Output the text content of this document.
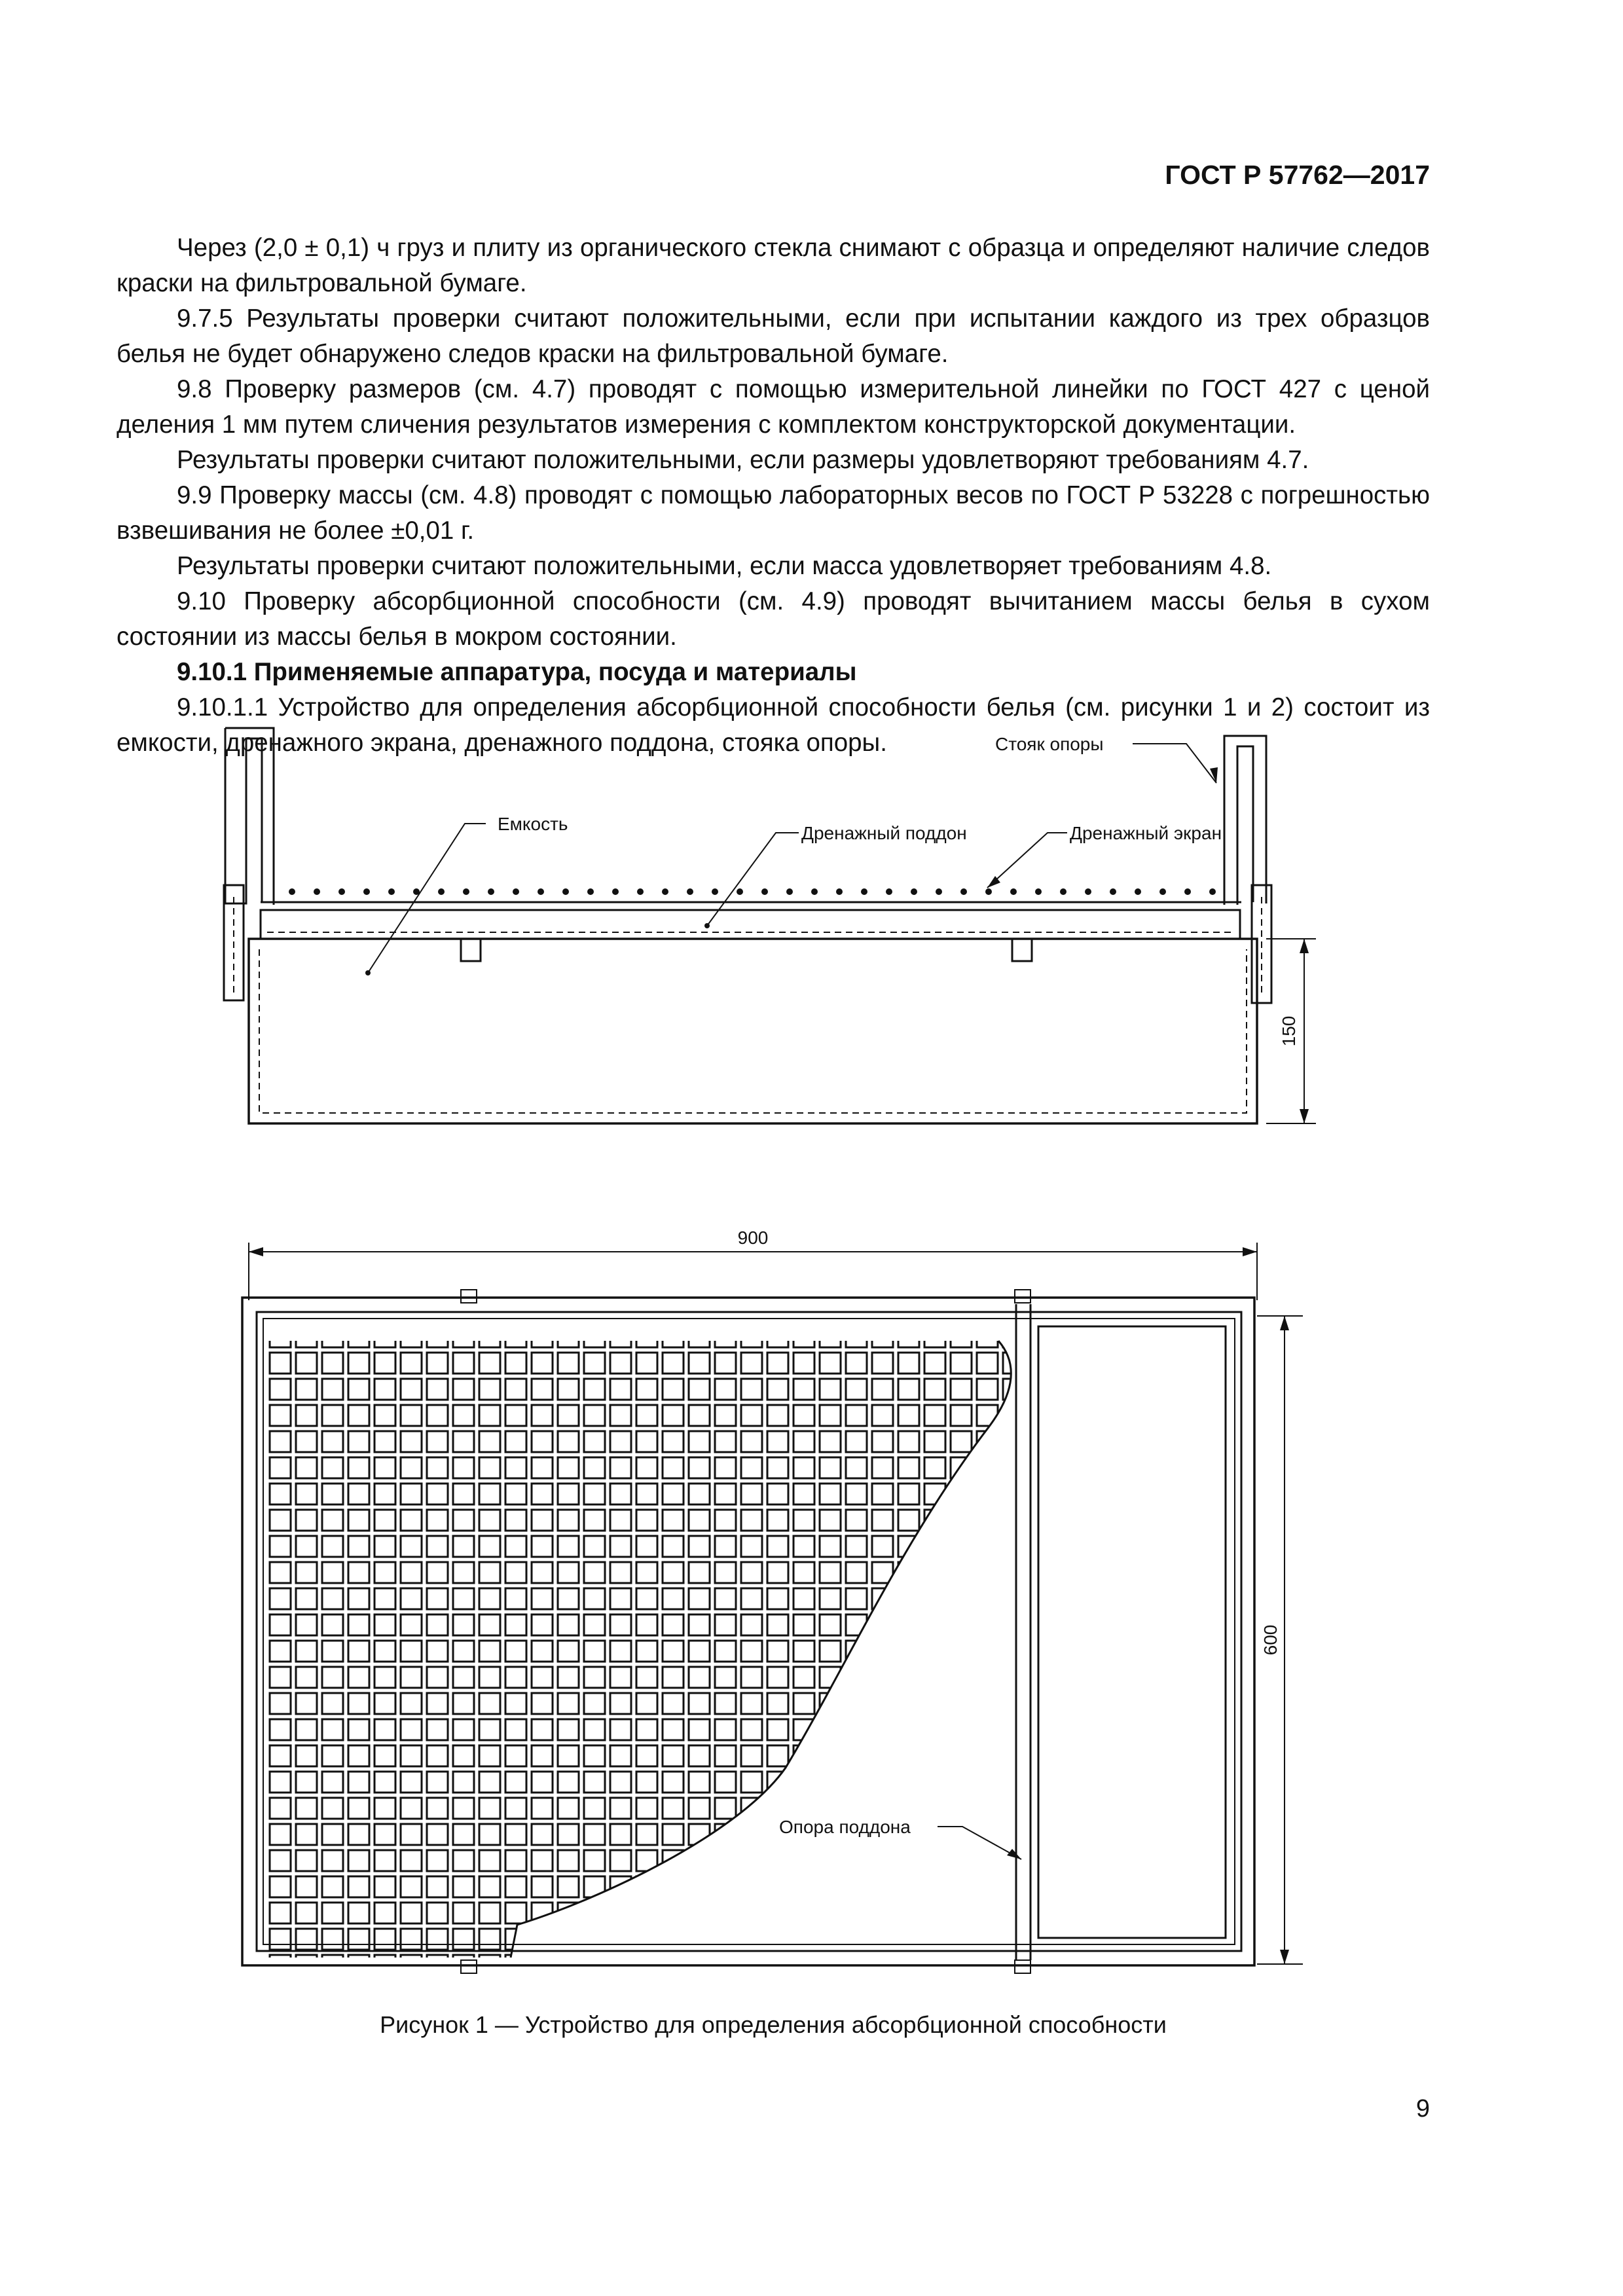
ГОСТ Р 57762—2017

Через (2,0 ± 0,1) ч груз и плиту из органического стекла снимают с образца и определяют наличие следов краски на фильтровальной бумаге.

9.7.5 Результаты проверки считают положительными, если при испытании каждого из трех образцов белья не будет обнаружено следов краски на фильтровальной бумаге.

9.8 Проверку размеров (см. 4.7) проводят с помощью измерительной линейки по ГОСТ 427 с ценой деления 1 мм путем сличения результатов измерения с комплектом конструкторской документации.

Результаты проверки считают положительными, если размеры удовлетворяют требованиям 4.7.

9.9 Проверку массы (см. 4.8) проводят с помощью лабораторных весов по ГОСТ Р 53228 с погрешностью взвешивания не более ±0,01 г.

Результаты проверки считают положительными, если масса удовлетворяет требованиям 4.8.

9.10 Проверку абсорбционной способности (см. 4.9) проводят вычитанием массы белья в сухом состоянии из массы белья в мокром состоянии.

9.10.1 Применяемые аппаратура, посуда и материалы

9.10.1.1 Устройство для определения абсорбционной способности белья (см. рисунки 1 и 2) состоит из емкости, дренажного экрана, дренажного поддона, стояка опоры.	Стояк опоры
Емкость	Дренажный поддон	Дренажный экран
150
900
600
Опора поддона
Рисунок 1 — Устройство для определения абсорбционной способности
9
